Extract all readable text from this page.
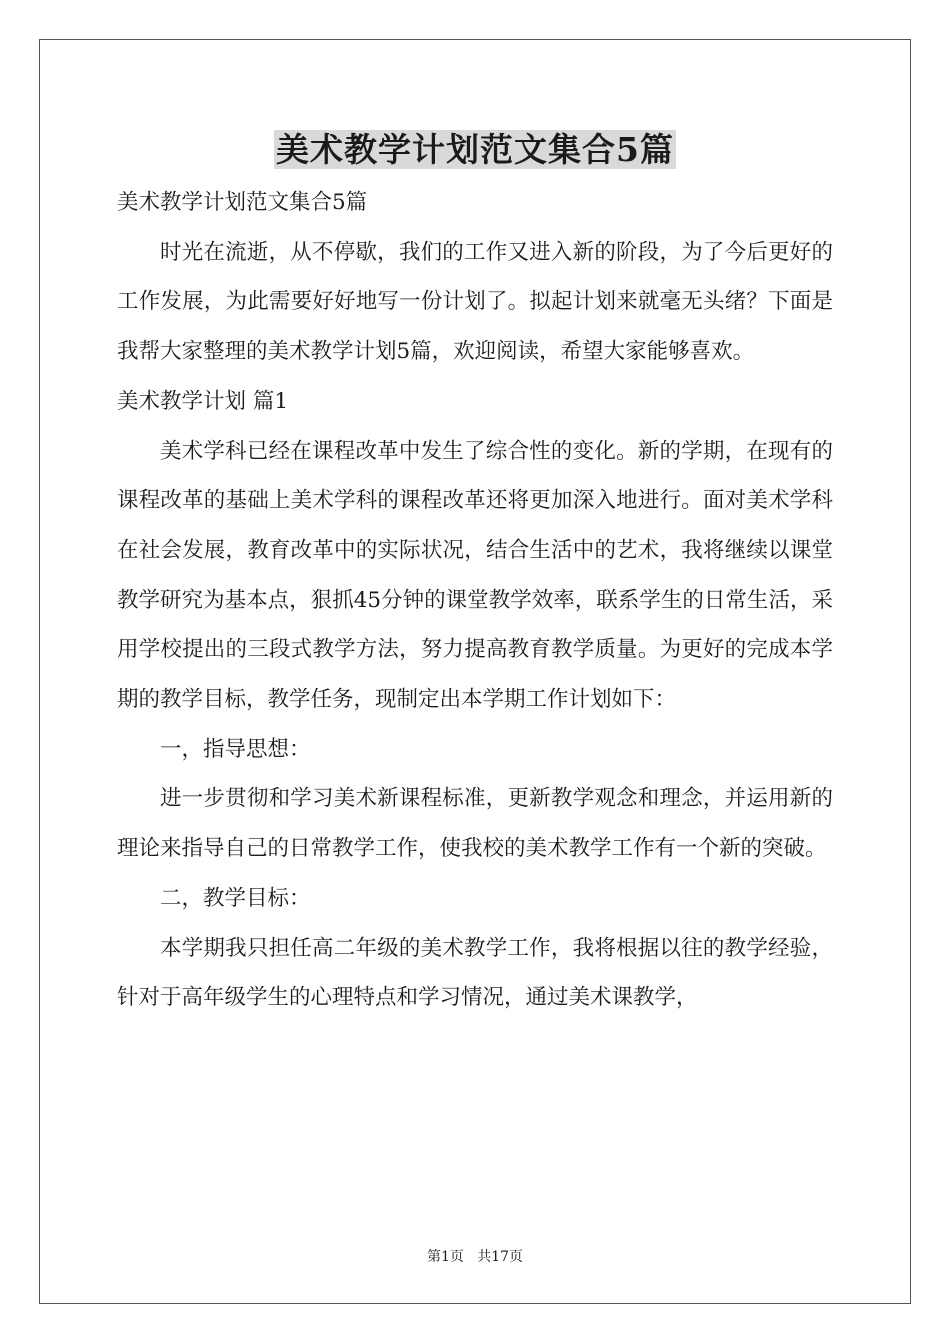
美术教学计划范文集合5篇

美术教学计划范文集合5篇

时光在流逝，从不停歇，我们的工作又进入新的阶段，为了今后更好的工作发展，为此需要好好地写一份计划了。拟起计划来就毫无头绪？下面是我帮大家整理的美术教学计划5篇，欢迎阅读，希望大家能够喜欢。

美术教学计划 篇1

美术学科已经在课程改革中发生了综合性的变化。新的学期，在现有的课程改革的基础上美术学科的课程改革还将更加深入地进行。面对美术学科在社会发展，教育改革中的实际状况，结合生活中的艺术，我将继续以课堂教学研究为基本点，狠抓45分钟的课堂教学效率，联系学生的日常生活，采用学校提出的三段式教学方法，努力提高教育教学质量。为更好的完成本学期的教学目标，教学任务，现制定出本学期工作计划如下：

一，指导思想：

进一步贯彻和学习美术新课程标准，更新教学观念和理念，并运用新的理论来指导自己的日常教学工作，使我校的美术教学工作有一个新的突破。

二，教学目标：

本学期我只担任高二年级的美术教学工作，我将根据以往的教学经验，针对于高年级学生的心理特点和学习情况，通过美术课教学，

第1页   共17页
